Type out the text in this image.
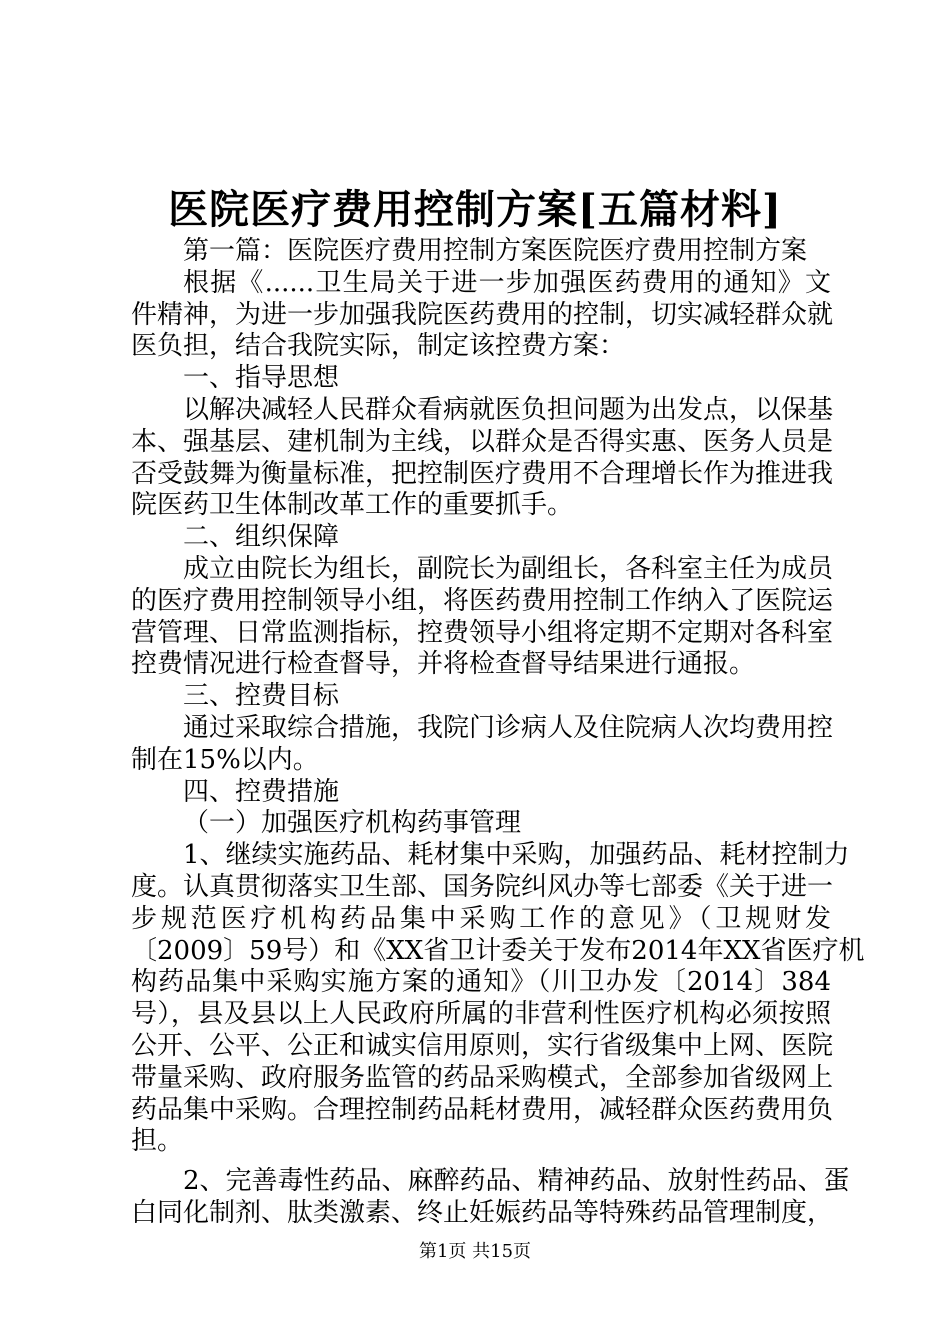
医院医疗费用控制方案[五篇材料]
第一篇：医院医疗费用控制方案医院医疗费用控制方案
根据《......卫生局关于进一步加强医药费用的通知》文
件精神，为进一步加强我院医药费用的控制，切实减轻群众就
医负担，结合我院实际，制定该控费方案：
一、指导思想
以解决减轻人民群众看病就医负担问题为出发点，以保基
本、强基层、建机制为主线，以群众是否得实惠、医务人员是
否受鼓舞为衡量标准，把控制医疗费用不合理增长作为推进我
院医药卫生体制改革工作的重要抓手。
二、组织保障
成立由院长为组长，副院长为副组长，各科室主任为成员
的医疗费用控制领导小组，将医药费用控制工作纳入了医院运
营管理、日常监测指标，控费领导小组将定期不定期对各科室
控费情况进行检查督导，并将检查督导结果进行通报。
三、控费目标
通过采取综合措施，我院门诊病人及住院病人次均费用控
制在15%以内。
四、控费措施
（一）加强医疗机构药事管理
1、继续实施药品、耗材集中采购，加强药品、耗材控制力
度。认真贯彻落实卫生部、国务院纠风办等七部委《关于进一
步规范医疗机构药品集中采购工作的意见》（卫规财发
〔2009〕59号）和《XX省卫计委关于发布2014年XX省医疗机
构药品集中采购实施方案的通知》（川卫办发〔2014〕384
号），县及县以上人民政府所属的非营利性医疗机构必须按照
公开、公平、公正和诚实信用原则，实行省级集中上网、医院
带量采购、政府服务监管的药品采购模式，全部参加省级网上
药品集中采购。合理控制药品耗材费用，减轻群众医药费用负
担。
2、完善毒性药品、麻醉药品、精神药品、放射性药品、蛋
白同化制剂、肽类激素、终止妊娠药品等特殊药品管理制度，
第1页 共15页
